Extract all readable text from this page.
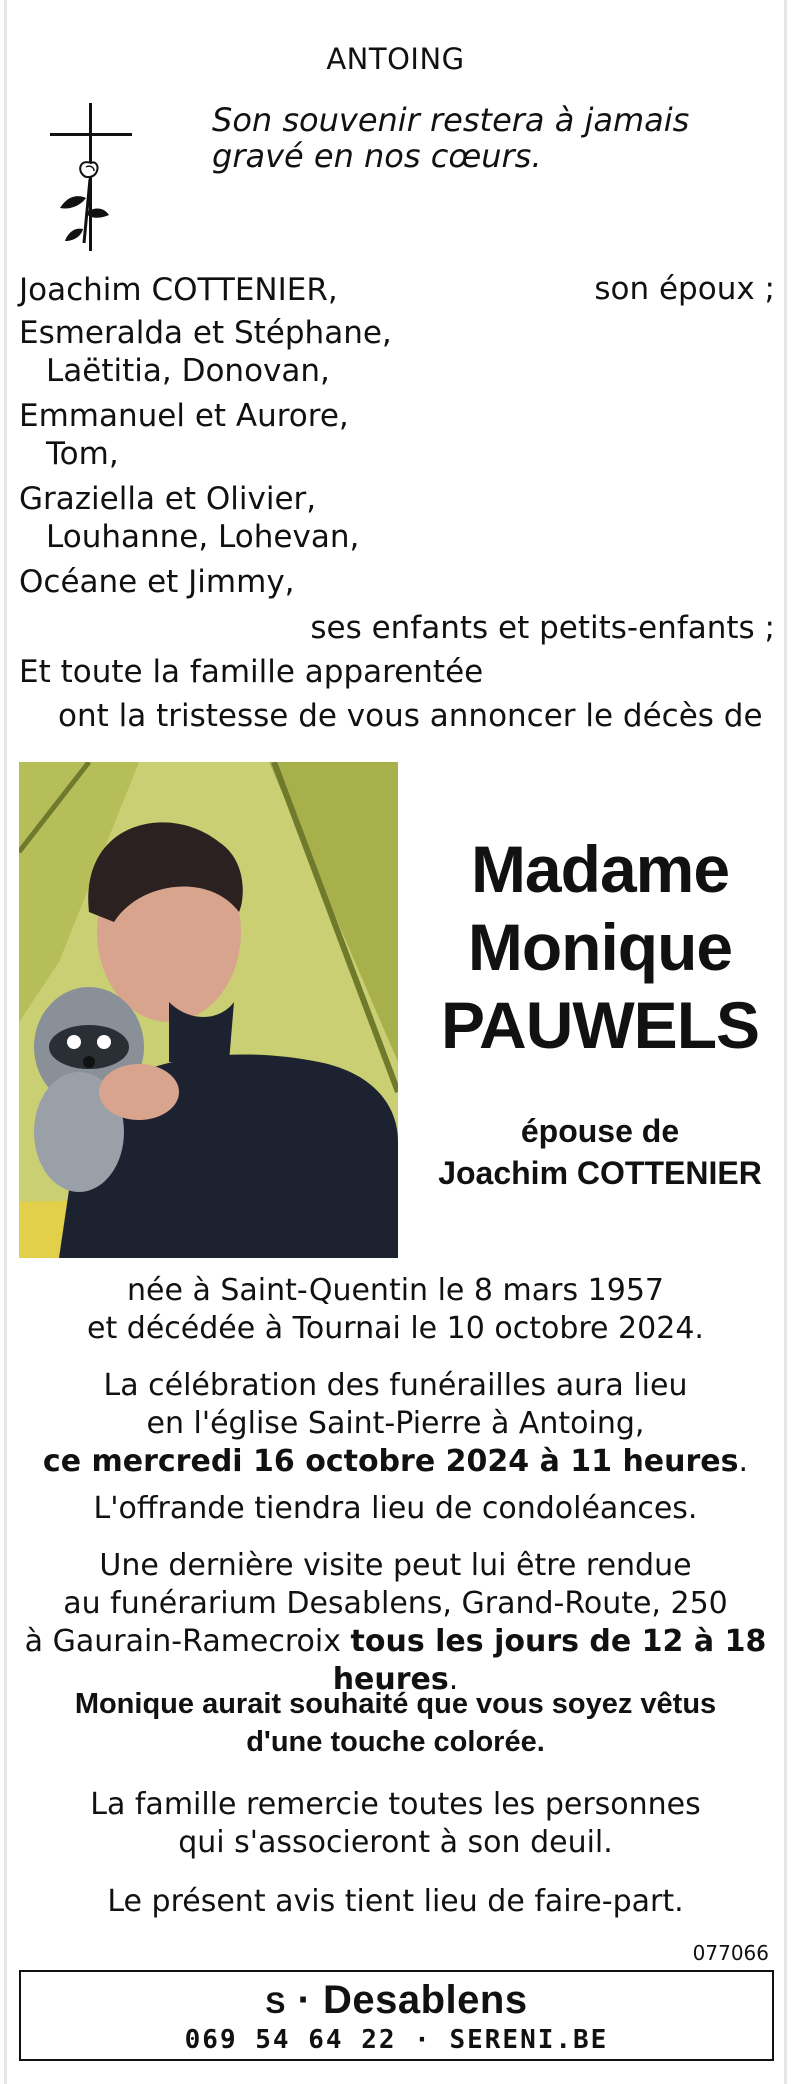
ANTOING
Son souvenir restera à jamais
gravé en nos cœurs.
Joachim COTTENIER,	son époux ;
Esmeralda et Stéphane,
Laëtitia, Donovan,
Emmanuel et Aurore,
Tom,
Graziella et Olivier,
Louhanne, Lohevan,
Océane et Jimmy,
ses enfants et petits-enfants ;
Et toute la famille apparentée
ont la tristesse de vous annoncer le décès de
Madame
Monique
PAUWELS
épouse de
Joachim COTTENIER
née à Saint-Quentin le 8 mars 1957
et décédée à Tournai le 10 octobre 2024.
La célébration des funérailles aura lieu
en l'église Saint-Pierre à Antoing,
ce mercredi 16 octobre 2024 à 11 heures.
L'offrande tiendra lieu de condoléances.
Une dernière visite peut lui être rendue
au funérarium Desablens, Grand-Route, 250
à Gaurain-Ramecroix tous les jours de 12 à 18 heures.
Monique aurait souhaité que vous soyez vêtus
d'une touche colorée.
La famille remercie toutes les personnes
qui s'associeront à son deuil.
Le présent avis tient lieu de faire-part.
077066
S · Desablens
069 54 64 22 · SERENI.BE
